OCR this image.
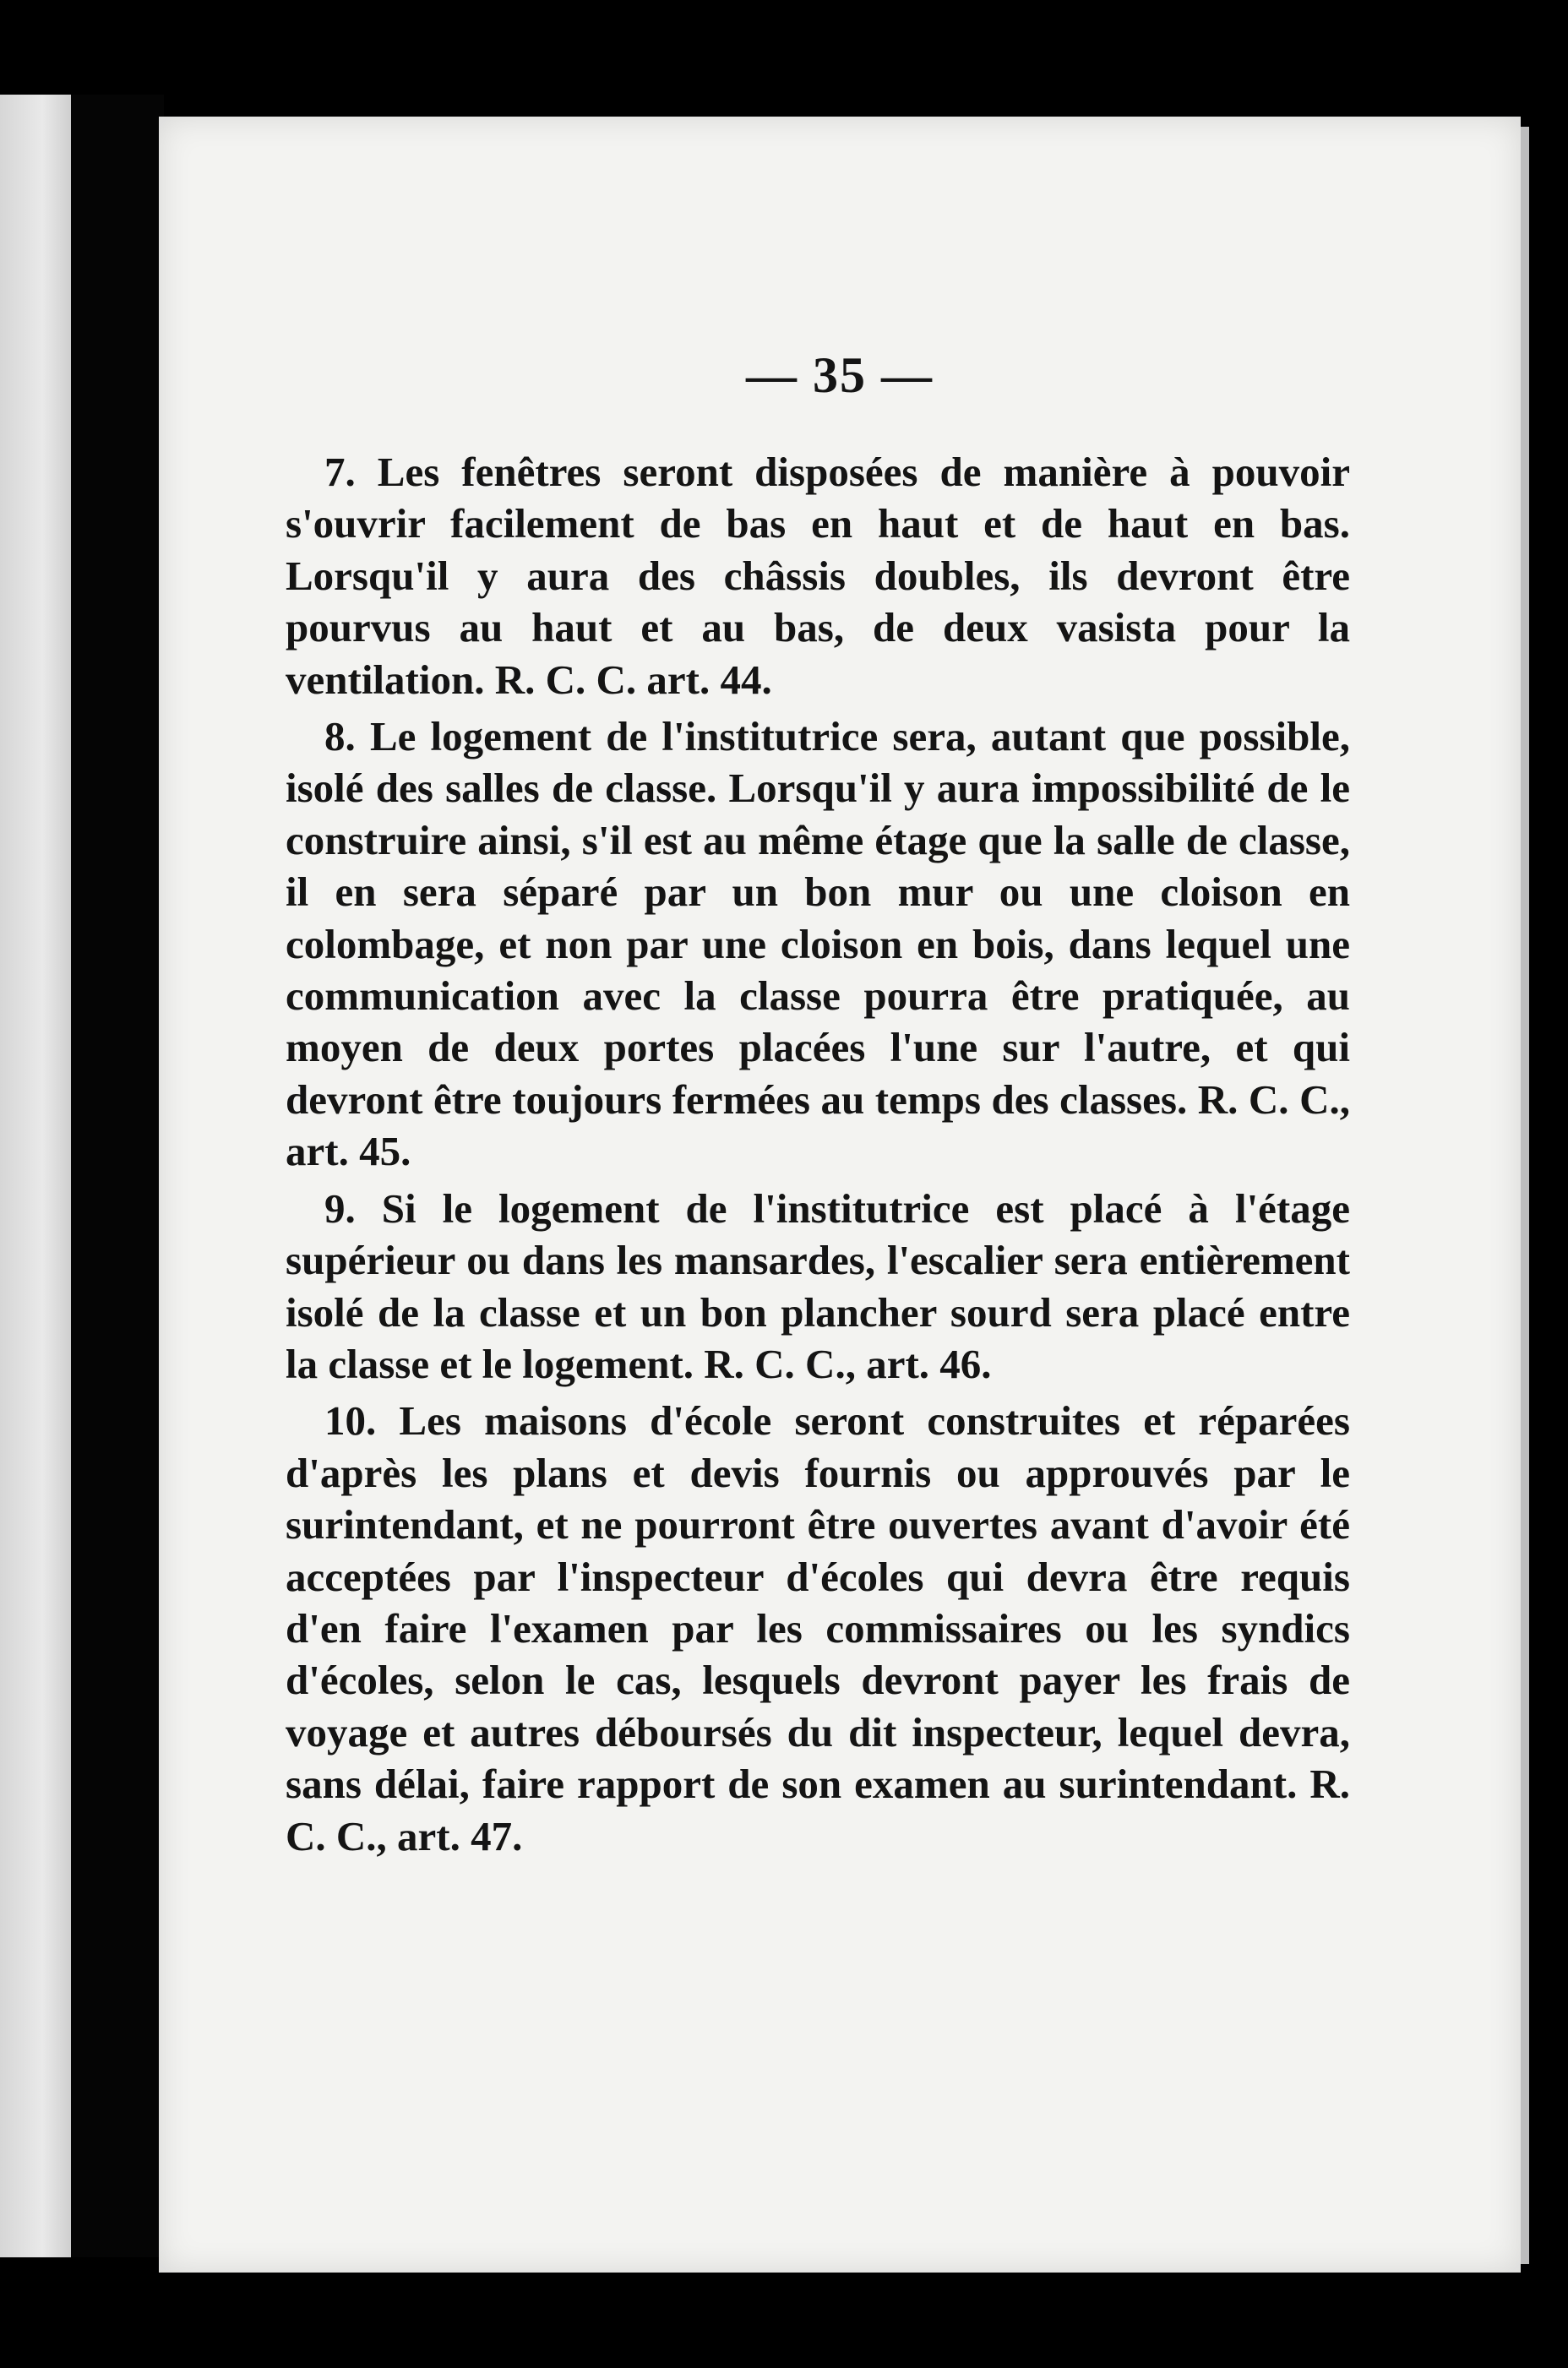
— 35 —

7. Les fenêtres seront disposées de manière à pouvoir s'ouvrir facilement de bas en haut et de haut en bas. Lorsqu'il y aura des châssis doubles, ils devront être pourvus au haut et au bas, de deux vasista pour la ventilation. R. C. C. art. 44.

8. Le logement de l'institutrice sera, autant que possible, isolé des salles de classe. Lorsqu'il y aura impossibilité de le construire ainsi, s'il est au même étage que la salle de classe, il en sera séparé par un bon mur ou une cloison en colombage, et non par une cloison en bois, dans lequel une communication avec la classe pourra être pratiquée, au moyen de deux portes placées l'une sur l'autre, et qui devront être toujours fermées au temps des classes. R. C. C., art. 45.

9. Si le logement de l'institutrice est placé à l'étage supérieur ou dans les mansardes, l'escalier sera entièrement isolé de la classe et un bon plancher sourd sera placé entre la classe et le logement. R. C. C., art. 46.

10. Les maisons d'école seront construites et réparées d'après les plans et devis fournis ou approuvés par le surintendant, et ne pourront être ouvertes avant d'avoir été acceptées par l'inspecteur d'écoles qui devra être requis d'en faire l'examen par les commissaires ou les syndics d'écoles, selon le cas, lesquels devront payer les frais de voyage et autres déboursés du dit inspecteur, lequel devra, sans délai, faire rapport de son examen au surintendant. R. C. C., art. 47.
